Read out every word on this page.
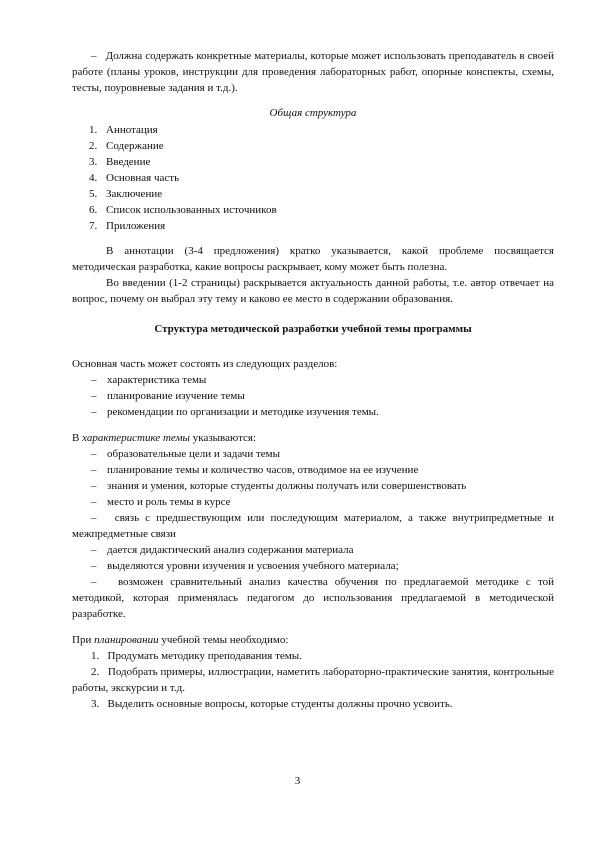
– Должна содержать конкретные материалы, которые может использовать преподаватель в своей работе (планы уроков, инструкции для проведения лабораторных работ, опорные конспекты, схемы, тесты, поуровневые задания и т.д.).

Общая структура

1. Аннотация
2. Содержание
3. Введение
4. Основная часть
5. Заключение
6. Список использованных источников
7. Приложения

В аннотации (3-4 предложения) кратко указывается, какой проблеме посвящается методическая разработка, какие вопросы раскрывает, кому может быть полезна.

Во введении (1-2 страницы) раскрывается актуальность данной работы, т.е. автор отвечает на вопрос, почему он выбрал эту тему и каково ее место в содержании образования.

Структура методической разработки учебной темы программы

Основная часть может состоять из следующих разделов:

– характеристика темы
– планирование изучение темы
– рекомендации по организации и методике изучения темы.

В характеристике темы указываются:

– образовательные цели и задачи темы
– планирование темы и количество часов, отводимое на ее изучение
– знания и умения, которые студенты должны получать или совершенствовать
– место и роль темы в курсе

– связь с предшествующим или последующим материалом, а также внутрипредметные и межпредметные связи

– дается дидактический анализ содержания материала
– выделяются уровни изучения и усвоения учебного материала;

– возможен сравнительный анализ качества обучения по предлагаемой методике с той методикой, которая применялась педагогом до использования предлагаемой в методической разработке.

При планировании учебной темы необходимо:

1. Продумать методику преподавания темы.

2. Подобрать примеры, иллюстрации, наметить лабораторно-практические занятия, контрольные работы, экскурсии и т.д.

3. Выделить основные вопросы, которые студенты должны прочно усвоить.

3
